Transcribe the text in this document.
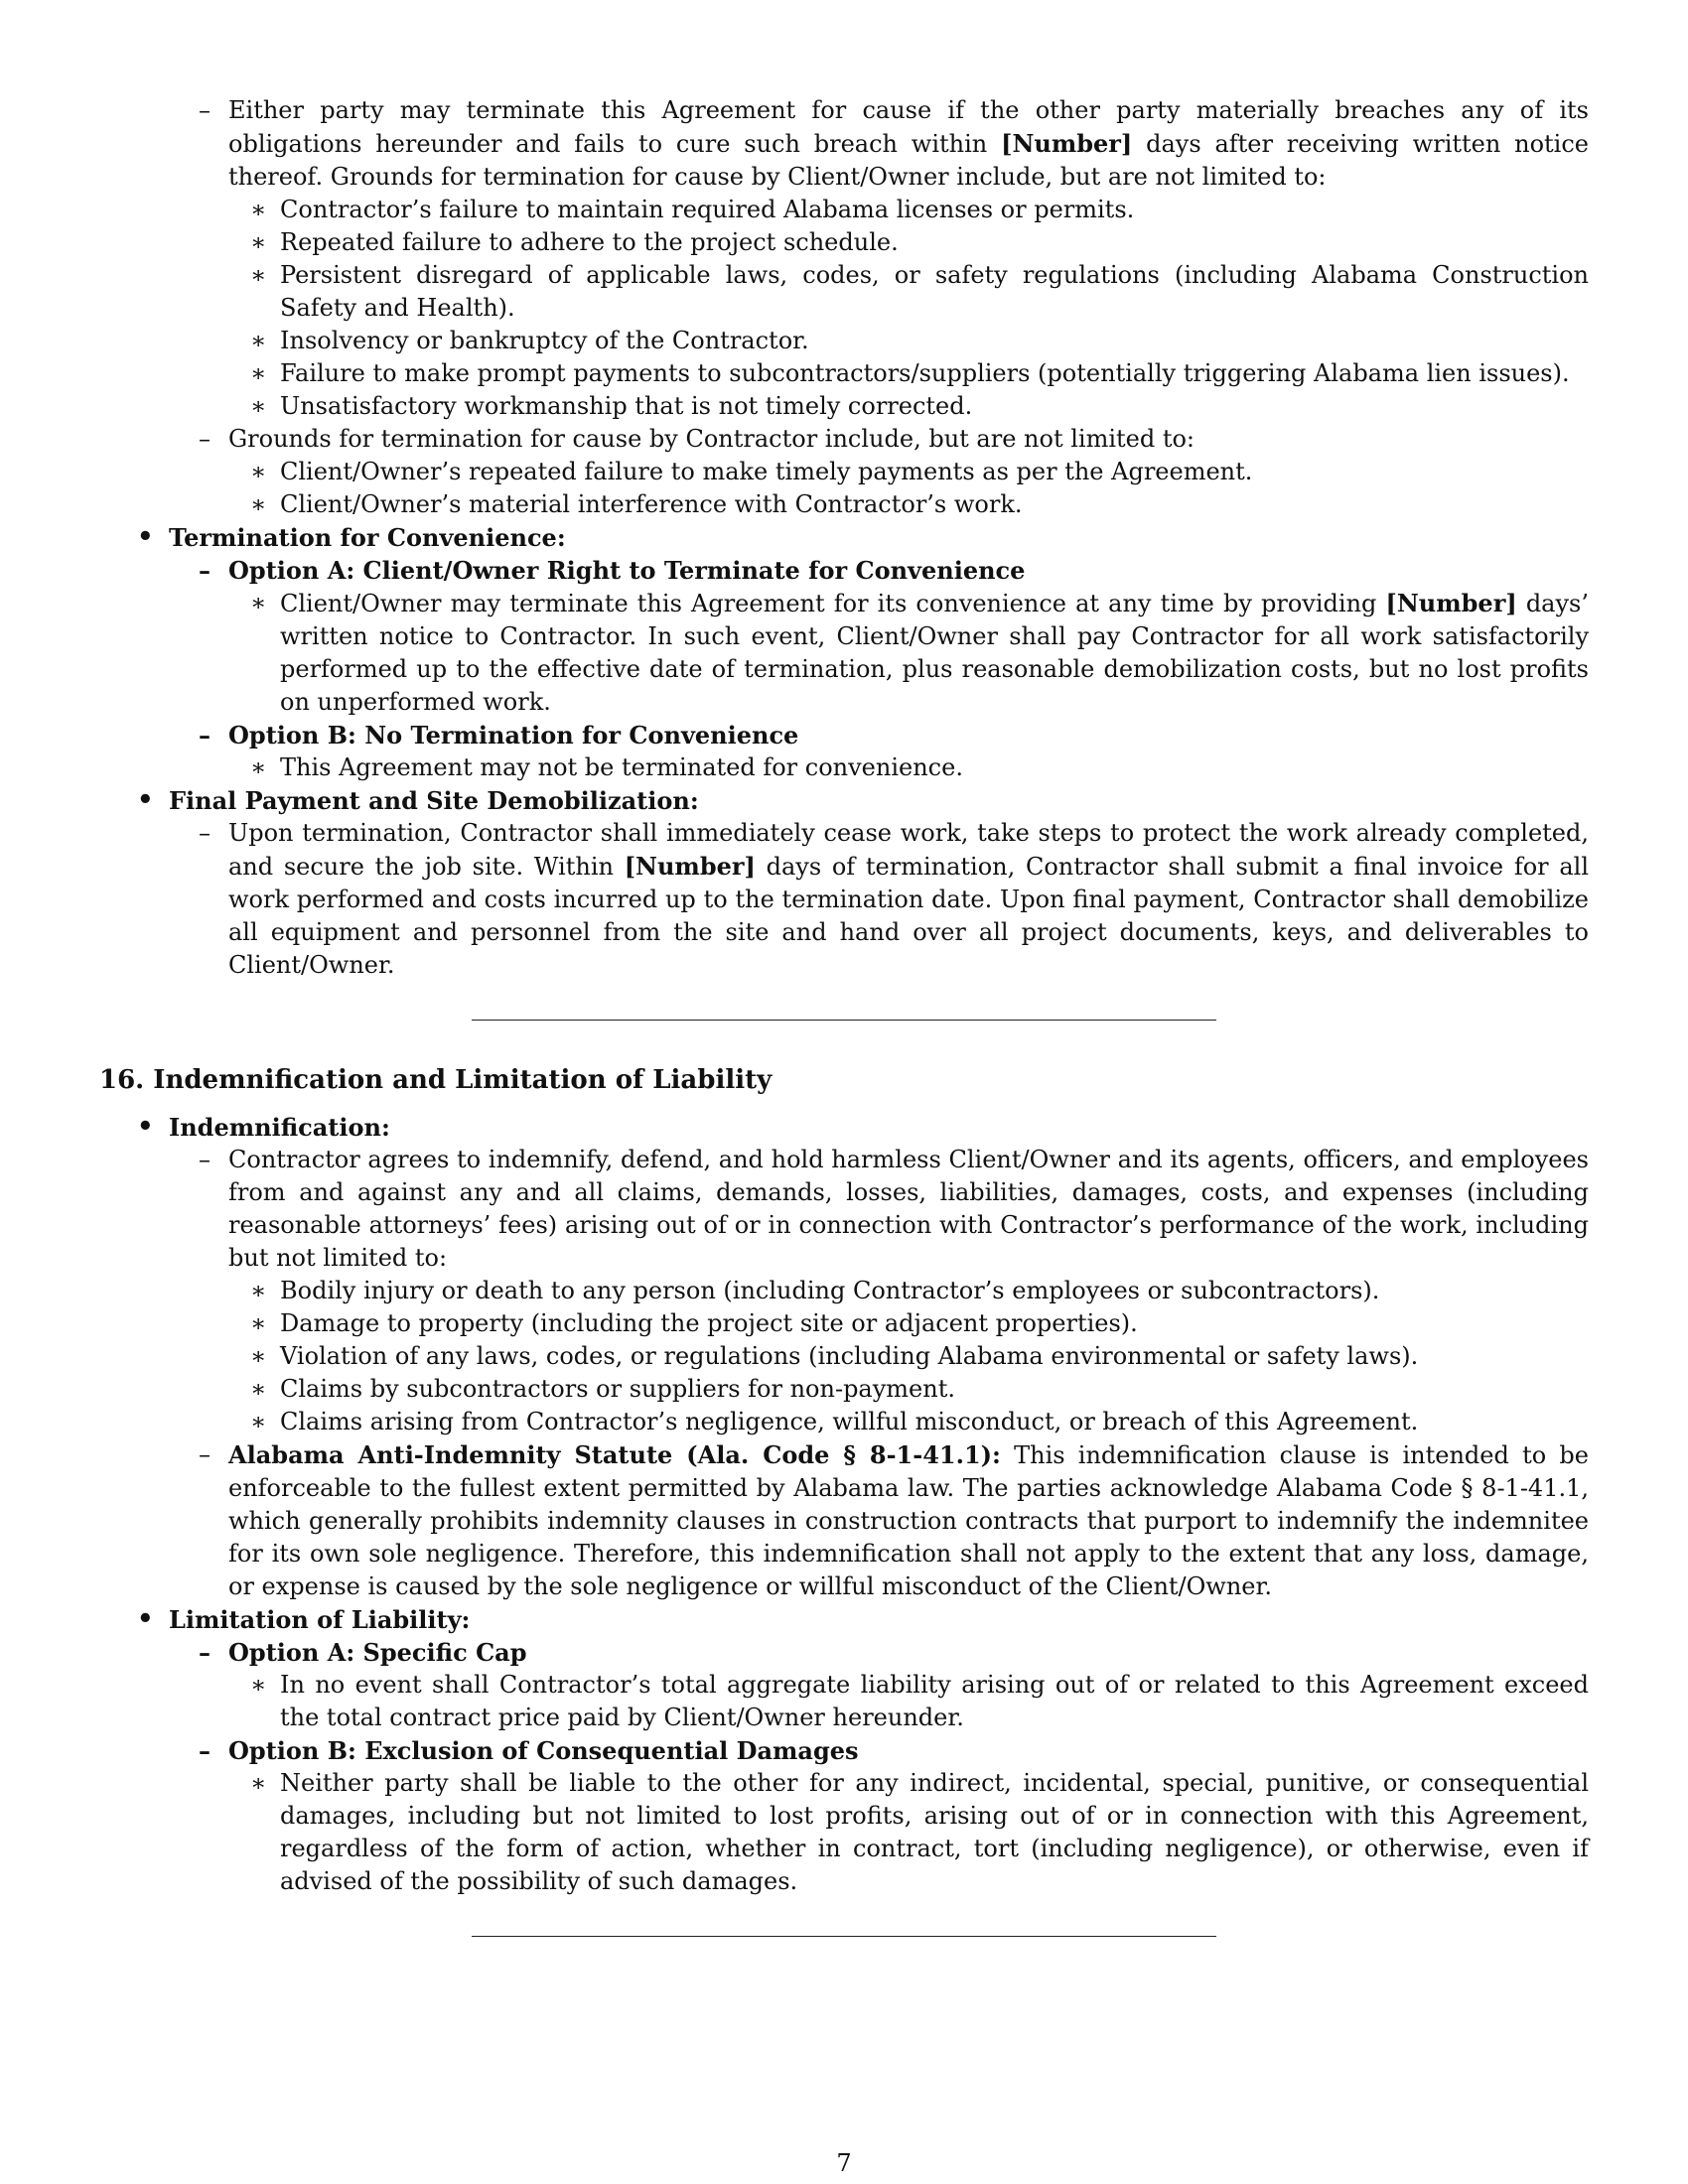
– Either party may terminate this Agreement for cause if the other party materially breaches any of its obligations hereunder and fails to cure such breach within [Number] days after receiving written notice thereof. Grounds for termination for cause by Client/Owner include, but are not limited to:
∗ Contractor’s failure to maintain required Alabama licenses or permits.
∗ Repeated failure to adhere to the project schedule.
∗ Persistent disregard of applicable laws, codes, or safety regulations (including Alabama Construction Safety and Health).
∗ Insolvency or bankruptcy of the Contractor.
∗ Failure to make prompt payments to subcontractors/suppliers (potentially triggering Alabama lien issues).
∗ Unsatisfactory workmanship that is not timely corrected.
– Grounds for termination for cause by Contractor include, but are not limited to:
∗ Client/Owner’s repeated failure to make timely payments as per the Agreement.
∗ Client/Owner’s material interference with Contractor’s work.
• Termination for Convenience:
– Option A: Client/Owner Right to Terminate for Convenience
∗ Client/Owner may terminate this Agreement for its convenience at any time by providing [Number] days’ written notice to Contractor. In such event, Client/Owner shall pay Contractor for all work satisfactorily performed up to the effective date of termination, plus reasonable demobilization costs, but no lost profits on unperformed work.
– Option B: No Termination for Convenience
∗ This Agreement may not be terminated for convenience.
• Final Payment and Site Demobilization:
– Upon termination, Contractor shall immediately cease work, take steps to protect the work already completed, and secure the job site. Within [Number] days of termination, Contractor shall submit a final invoice for all work performed and costs incurred up to the termination date. Upon final payment, Contractor shall demobilize all equipment and personnel from the site and hand over all project documents, keys, and deliverables to Client/Owner.
16. Indemnification and Limitation of Liability
• Indemnification:
– Contractor agrees to indemnify, defend, and hold harmless Client/Owner and its agents, officers, and employees from and against any and all claims, demands, losses, liabilities, damages, costs, and expenses (including reasonable attorneys’ fees) arising out of or in connection with Contractor’s performance of the work, including but not limited to:
∗ Bodily injury or death to any person (including Contractor’s employees or subcontractors).
∗ Damage to property (including the project site or adjacent properties).
∗ Violation of any laws, codes, or regulations (including Alabama environmental or safety laws).
∗ Claims by subcontractors or suppliers for non-payment.
∗ Claims arising from Contractor’s negligence, willful misconduct, or breach of this Agreement.
– Alabama Anti-Indemnity Statute (Ala. Code § 8-1-41.1): This indemnification clause is intended to be enforceable to the fullest extent permitted by Alabama law. The parties acknowledge Alabama Code § 8-1-41.1, which generally prohibits indemnity clauses in construction contracts that purport to indemnify the indemnitee for its own sole negligence. Therefore, this indemnification shall not apply to the extent that any loss, damage, or expense is caused by the sole negligence or willful misconduct of the Client/Owner.
• Limitation of Liability:
– Option A: Specific Cap
∗ In no event shall Contractor’s total aggregate liability arising out of or related to this Agreement exceed the total contract price paid by Client/Owner hereunder.
– Option B: Exclusion of Consequential Damages
∗ Neither party shall be liable to the other for any indirect, incidental, special, punitive, or consequential damages, including but not limited to lost profits, arising out of or in connection with this Agreement, regardless of the form of action, whether in contract, tort (including negligence), or otherwise, even if advised of the possibility of such damages.
7
